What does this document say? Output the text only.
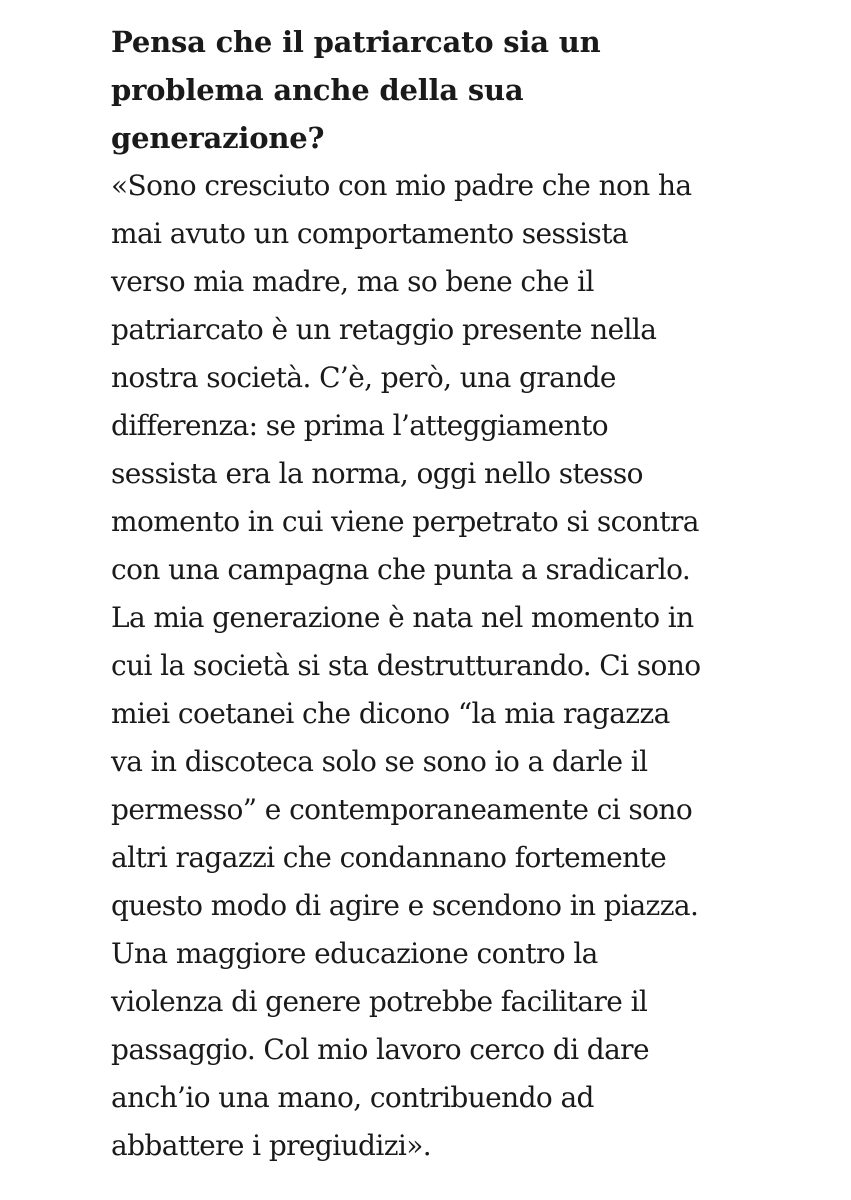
Pensa che il patriarcato sia un
problema anche della sua
generazione?

«Sono cresciuto con mio padre che non ha
mai avuto un comportamento sessista
verso mia madre, ma so bene che il
patriarcato è un retaggio presente nella
nostra società. C’è, però, una grande
differenza: se prima l’atteggiamento
sessista era la norma, oggi nello stesso
momento in cui viene perpetrato si scontra
con una campagna che punta a sradicarlo.
La mia generazione è nata nel momento in
cui la società si sta destrutturando. Ci sono
miei coetanei che dicono “la mia ragazza
va in discoteca solo se sono io a darle il
permesso” e contemporaneamente ci sono
altri ragazzi che condannano fortemente
questo modo di agire e scendono in piazza.
Una maggiore educazione contro la
violenza di genere potrebbe facilitare il
passaggio. Col mio lavoro cerco di dare
anch’io una mano, contribuendo ad
abbattere i pregiudizi».
